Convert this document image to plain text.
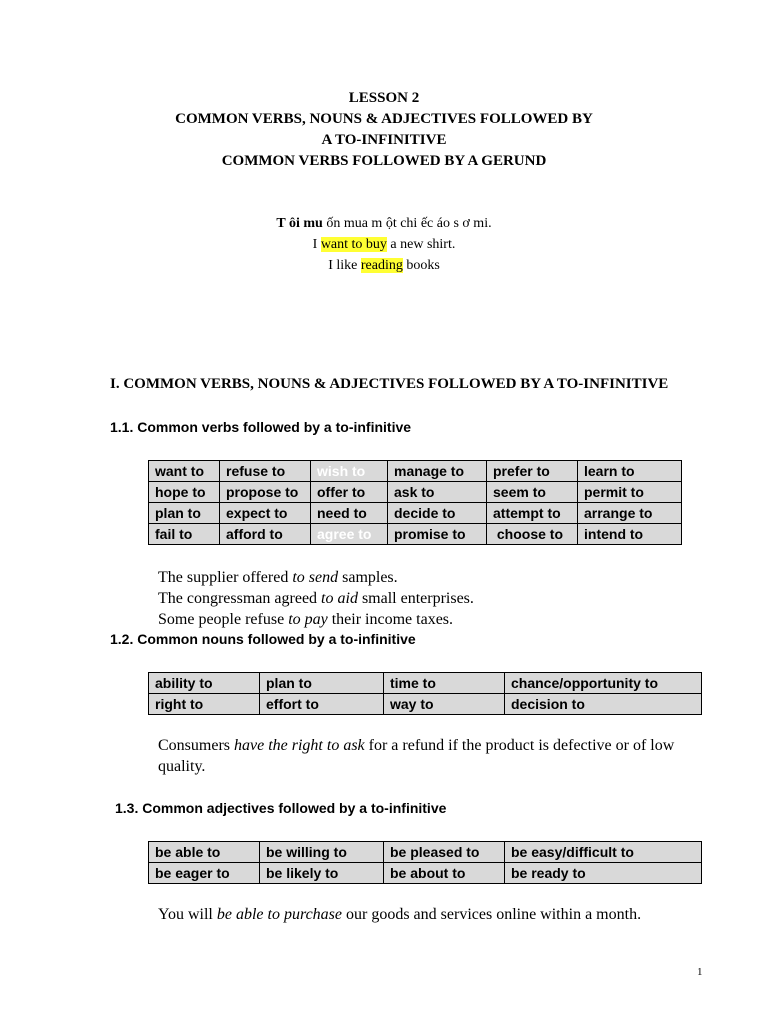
LESSON 2
COMMON VERBS, NOUNS & ADJECTIVES FOLLOWED BY
A TO-INFINITIVE
COMMON VERBS FOLLOWED BY A GERUND
T ôi mu ốn mua m ột chi ếc áo s ơ mi.
I want to buy a new shirt.
I like reading books
I. COMMON VERBS, NOUNS & ADJECTIVES FOLLOWED BY A TO-INFINITIVE
1.1. Common verbs followed by a to-infinitive
want to	refuse to	wish to	manage to	prefer to	learn to
hope to	propose to	offer to	ask to	seem to	permit to
plan to	expect to	need to	decide to	attempt to	arrange to
fail to	afford to	agree to	promise to	choose to	intend to
The supplier offered to send samples.
The congressman agreed to aid small enterprises.
Some people refuse to pay their income taxes.
1.2. Common nouns followed by a to-infinitive
ability to	plan to	time to	chance/opportunity to
right to	effort to	way to	decision to
Consumers have the right to ask for a refund if the product is defective or of low
quality.
1.3. Common adjectives followed by a to-infinitive
be able to	be willing to	be pleased to	be easy/difficult to
be eager to	be likely to	be about to	be ready to
You will be able to purchase our goods and services online within a month.
1
